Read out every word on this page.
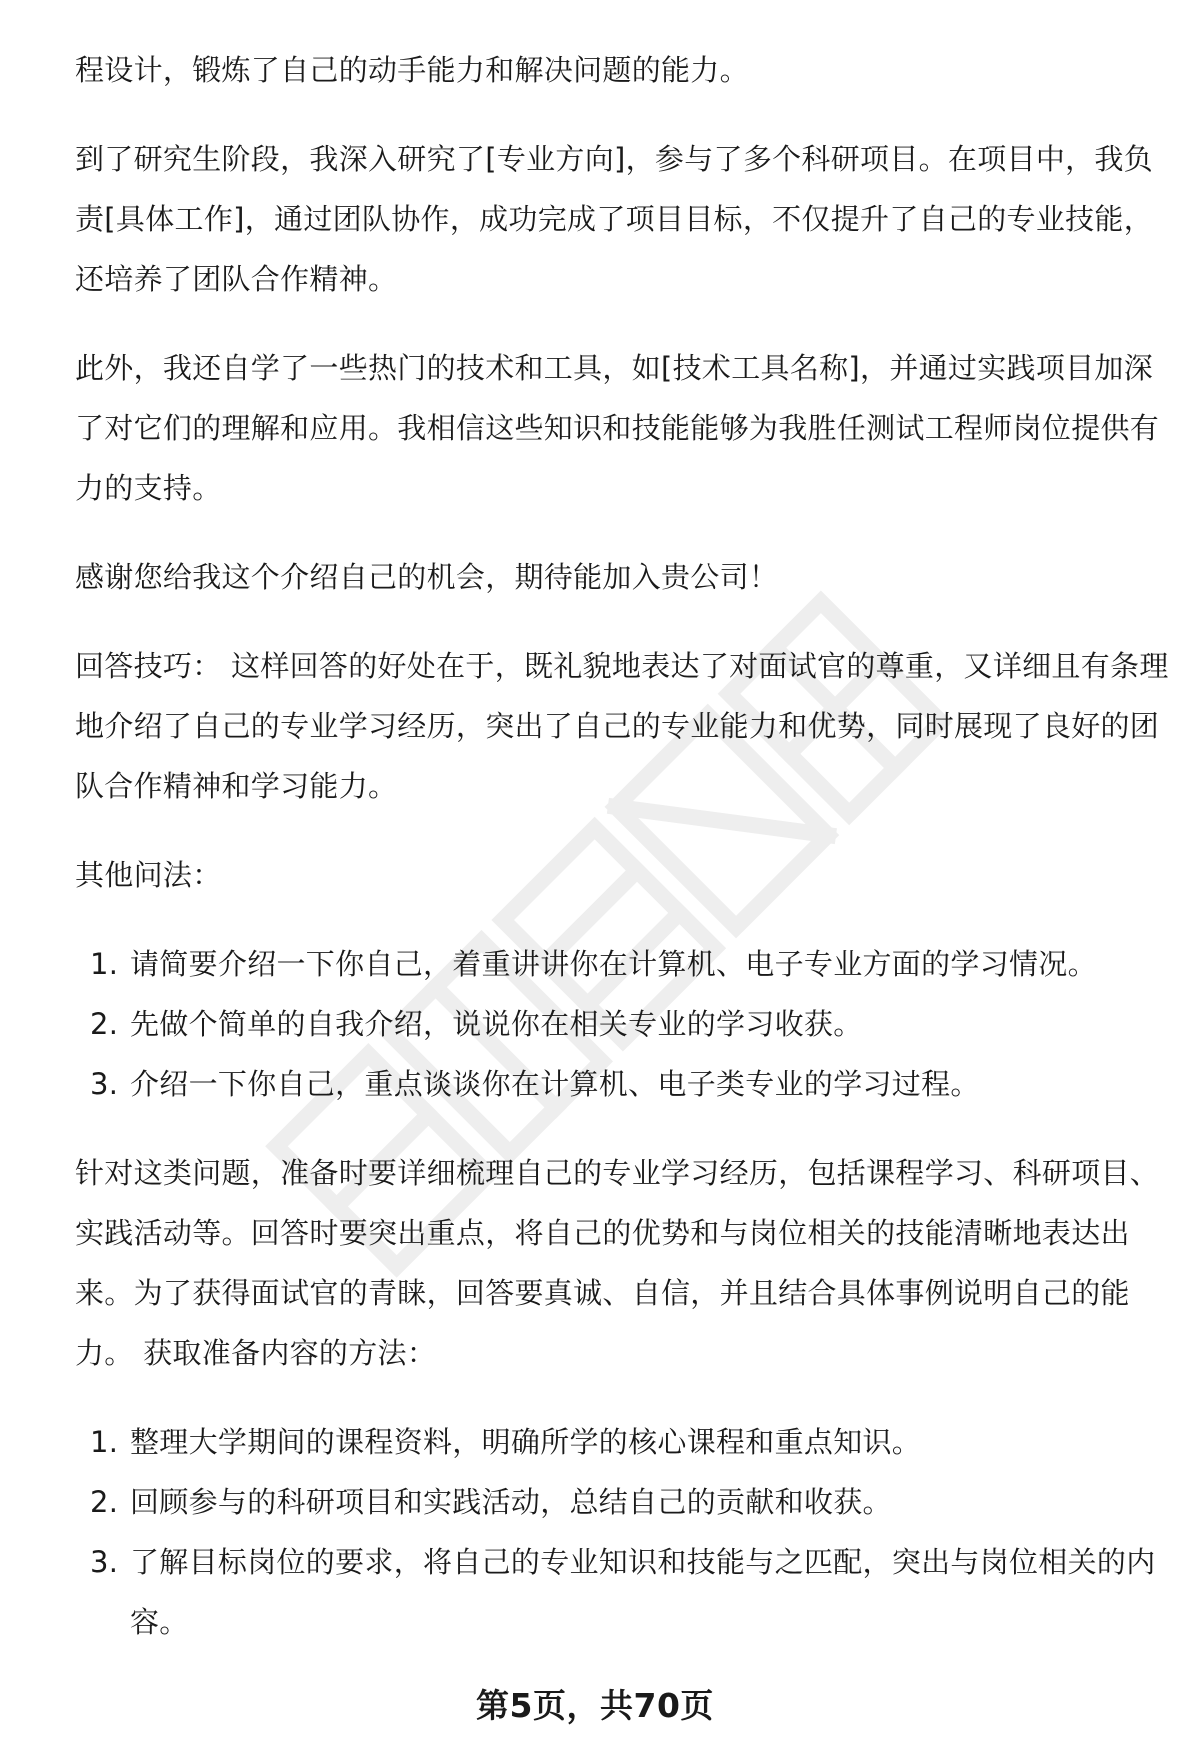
程设计，锻炼了自己的动手能力和解决问题的能力。

到了研究生阶段，我深入研究了[专业方向]，参与了多个科研项目。在项目中，我负责[具体工作]，通过团队协作，成功完成了项目目标，不仅提升了自己的专业技能，还培养了团队合作精神。

此外，我还自学了一些热门的技术和工具，如[技术工具名称]，并通过实践项目加深了对它们的理解和应用。我相信这些知识和技能能够为我胜任测试工程师岗位提供有力的支持。

感谢您给我这个介绍自己的机会，期待能加入贵公司！

回答技巧： 这样回答的好处在于，既礼貌地表达了对面试官的尊重，又详细且有条理地介绍了自己的专业学习经历，突出了自己的专业能力和优势，同时展现了良好的团队合作精神和学习能力。

其他问法：

1. 请简要介绍一下你自己，着重讲讲你在计算机、电子专业方面的学习情况。
2. 先做个简单的自我介绍，说说你在相关专业的学习收获。
3. 介绍一下你自己，重点谈谈你在计算机、电子类专业的学习过程。

针对这类问题，准备时要详细梳理自己的专业学习经历，包括课程学习、科研项目、实践活动等。回答时要突出重点，将自己的优势和与岗位相关的技能清晰地表达出来。为了获得面试官的青睐，回答要真诚、自信，并且结合具体事例说明自己的能力。 获取准备内容的方法：

1. 整理大学期间的课程资料，明确所学的核心课程和重点知识。
2. 回顾参与的科研项目和实践活动，总结自己的贡献和收获。
3. 了解目标岗位的要求，将自己的专业知识和技能与之匹配，突出与岗位相关的内容。
第5页，共70页
